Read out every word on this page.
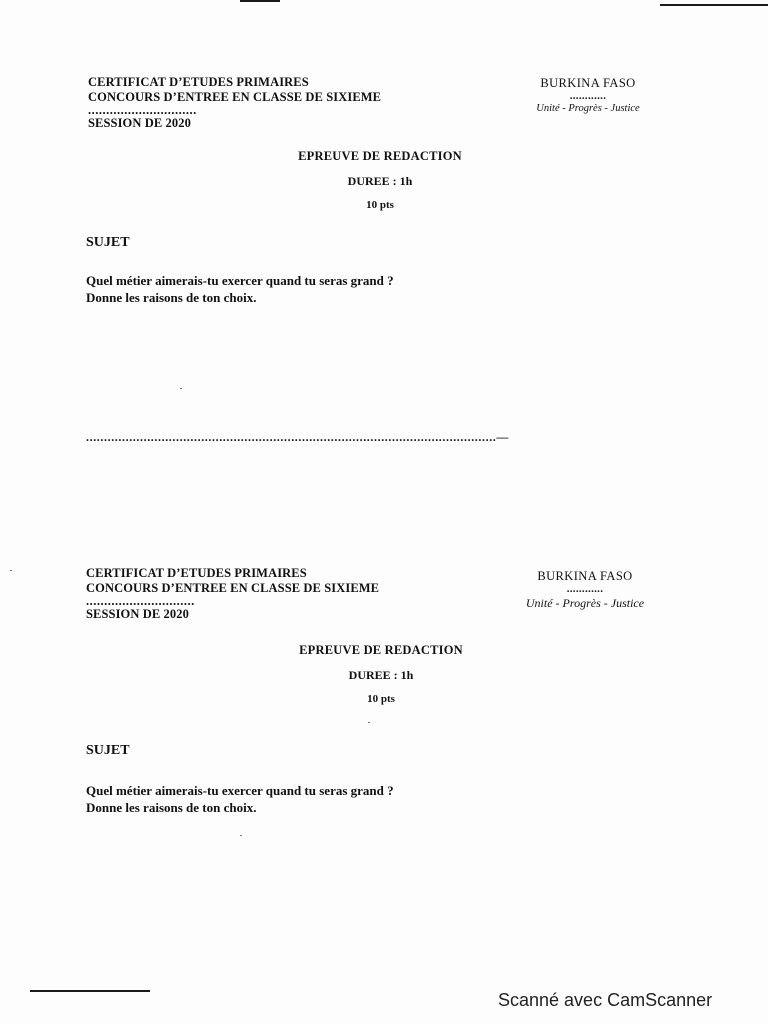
CERTIFICAT D’ETUDES PRIMAIRES
CONCOURS D’ENTREE EN CLASSE DE SIXIEME
..............................
SESSION DE 2020
BURKINA FASO
............
Unité - Progrès - Justice
EPREUVE DE REDACTION
DUREE : 1h
10 pts
SUJET
Quel métier aimerais-tu exercer quand tu seras grand ?
Donne les raisons de ton choix.
..................................................................................................................—
CERTIFICAT D’ETUDES PRIMAIRES
CONCOURS D’ENTREE EN CLASSE DE SIXIEME
..............................
SESSION DE 2020
BURKINA FASO
............
Unité - Progrès - Justice
EPREUVE DE REDACTION
DUREE : 1h
10 pts
SUJET
Quel métier aimerais-tu exercer quand tu seras grand ?
Donne les raisons de ton choix.
Scanné avec CamScanner
